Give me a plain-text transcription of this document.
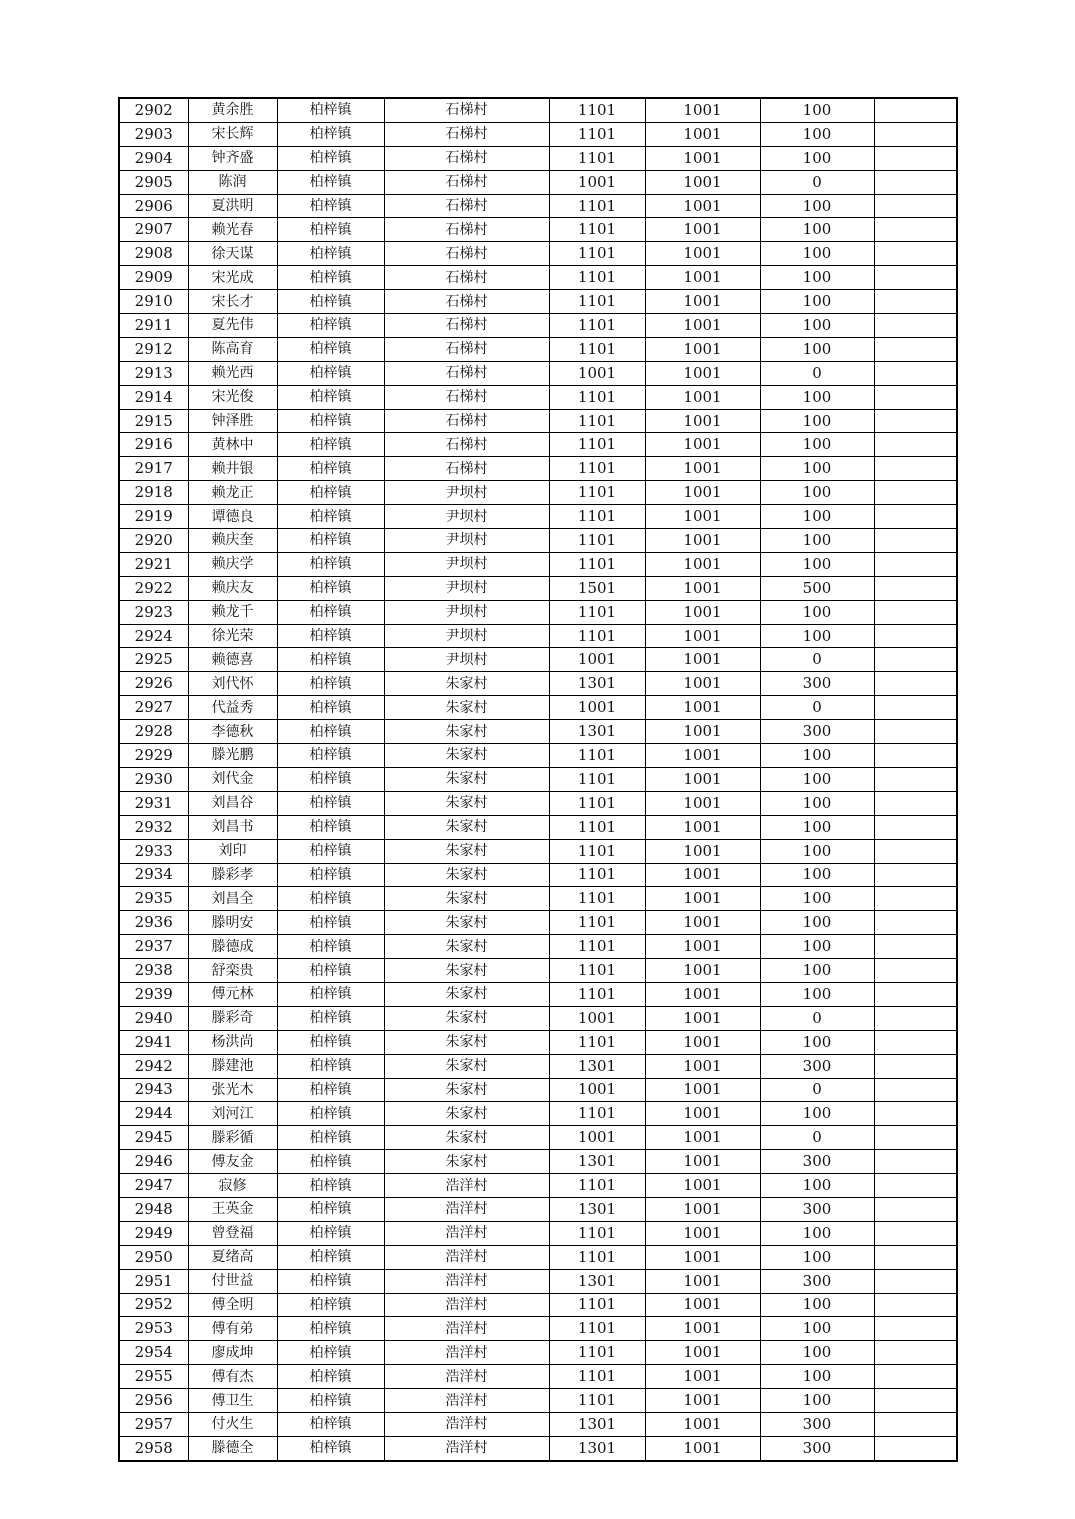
2902	黄余胜	柏梓镇	石梯村	1101	1001	100	
2903	宋长辉	柏梓镇	石梯村	1101	1001	100	
2904	钟齐盛	柏梓镇	石梯村	1101	1001	100	
2905	陈润	柏梓镇	石梯村	1001	1001	0	
2906	夏洪明	柏梓镇	石梯村	1101	1001	100	
2907	赖光春	柏梓镇	石梯村	1101	1001	100	
2908	徐天谋	柏梓镇	石梯村	1101	1001	100	
2909	宋光成	柏梓镇	石梯村	1101	1001	100	
2910	宋长才	柏梓镇	石梯村	1101	1001	100	
2911	夏先伟	柏梓镇	石梯村	1101	1001	100	
2912	陈高育	柏梓镇	石梯村	1101	1001	100	
2913	赖光西	柏梓镇	石梯村	1001	1001	0	
2914	宋光俊	柏梓镇	石梯村	1101	1001	100	
2915	钟泽胜	柏梓镇	石梯村	1101	1001	100	
2916	黄林中	柏梓镇	石梯村	1101	1001	100	
2917	赖井银	柏梓镇	石梯村	1101	1001	100	
2918	赖龙正	柏梓镇	尹坝村	1101	1001	100	
2919	谭德良	柏梓镇	尹坝村	1101	1001	100	
2920	赖庆奎	柏梓镇	尹坝村	1101	1001	100	
2921	赖庆学	柏梓镇	尹坝村	1101	1001	100	
2922	赖庆友	柏梓镇	尹坝村	1501	1001	500	
2923	赖龙千	柏梓镇	尹坝村	1101	1001	100	
2924	徐光荣	柏梓镇	尹坝村	1101	1001	100	
2925	赖德喜	柏梓镇	尹坝村	1001	1001	0	
2926	刘代怀	柏梓镇	朱家村	1301	1001	300	
2927	代益秀	柏梓镇	朱家村	1001	1001	0	
2928	李德秋	柏梓镇	朱家村	1301	1001	300	
2929	滕光鹏	柏梓镇	朱家村	1101	1001	100	
2930	刘代金	柏梓镇	朱家村	1101	1001	100	
2931	刘昌谷	柏梓镇	朱家村	1101	1001	100	
2932	刘昌书	柏梓镇	朱家村	1101	1001	100	
2933	刘印	柏梓镇	朱家村	1101	1001	100	
2934	滕彩孝	柏梓镇	朱家村	1101	1001	100	
2935	刘昌全	柏梓镇	朱家村	1101	1001	100	
2936	滕明安	柏梓镇	朱家村	1101	1001	100	
2937	滕德成	柏梓镇	朱家村	1101	1001	100	
2938	舒栾贵	柏梓镇	朱家村	1101	1001	100	
2939	傅元林	柏梓镇	朱家村	1101	1001	100	
2940	滕彩奇	柏梓镇	朱家村	1001	1001	0	
2941	杨洪尚	柏梓镇	朱家村	1101	1001	100	
2942	滕建池	柏梓镇	朱家村	1301	1001	300	
2943	张光木	柏梓镇	朱家村	1001	1001	0	
2944	刘河江	柏梓镇	朱家村	1101	1001	100	
2945	滕彩循	柏梓镇	朱家村	1001	1001	0	
2946	傅友金	柏梓镇	朱家村	1301	1001	300	
2947	寂修	柏梓镇	浩洋村	1101	1001	100	
2948	王英金	柏梓镇	浩洋村	1301	1001	300	
2949	曾登福	柏梓镇	浩洋村	1101	1001	100	
2950	夏绪高	柏梓镇	浩洋村	1101	1001	100	
2951	付世益	柏梓镇	浩洋村	1301	1001	300	
2952	傅全明	柏梓镇	浩洋村	1101	1001	100	
2953	傅有弟	柏梓镇	浩洋村	1101	1001	100	
2954	廖成坤	柏梓镇	浩洋村	1101	1001	100	
2955	傅有杰	柏梓镇	浩洋村	1101	1001	100	
2956	傅卫生	柏梓镇	浩洋村	1101	1001	100	
2957	付火生	柏梓镇	浩洋村	1301	1001	300	
2958	滕德全	柏梓镇	浩洋村	1301	1001	300	
